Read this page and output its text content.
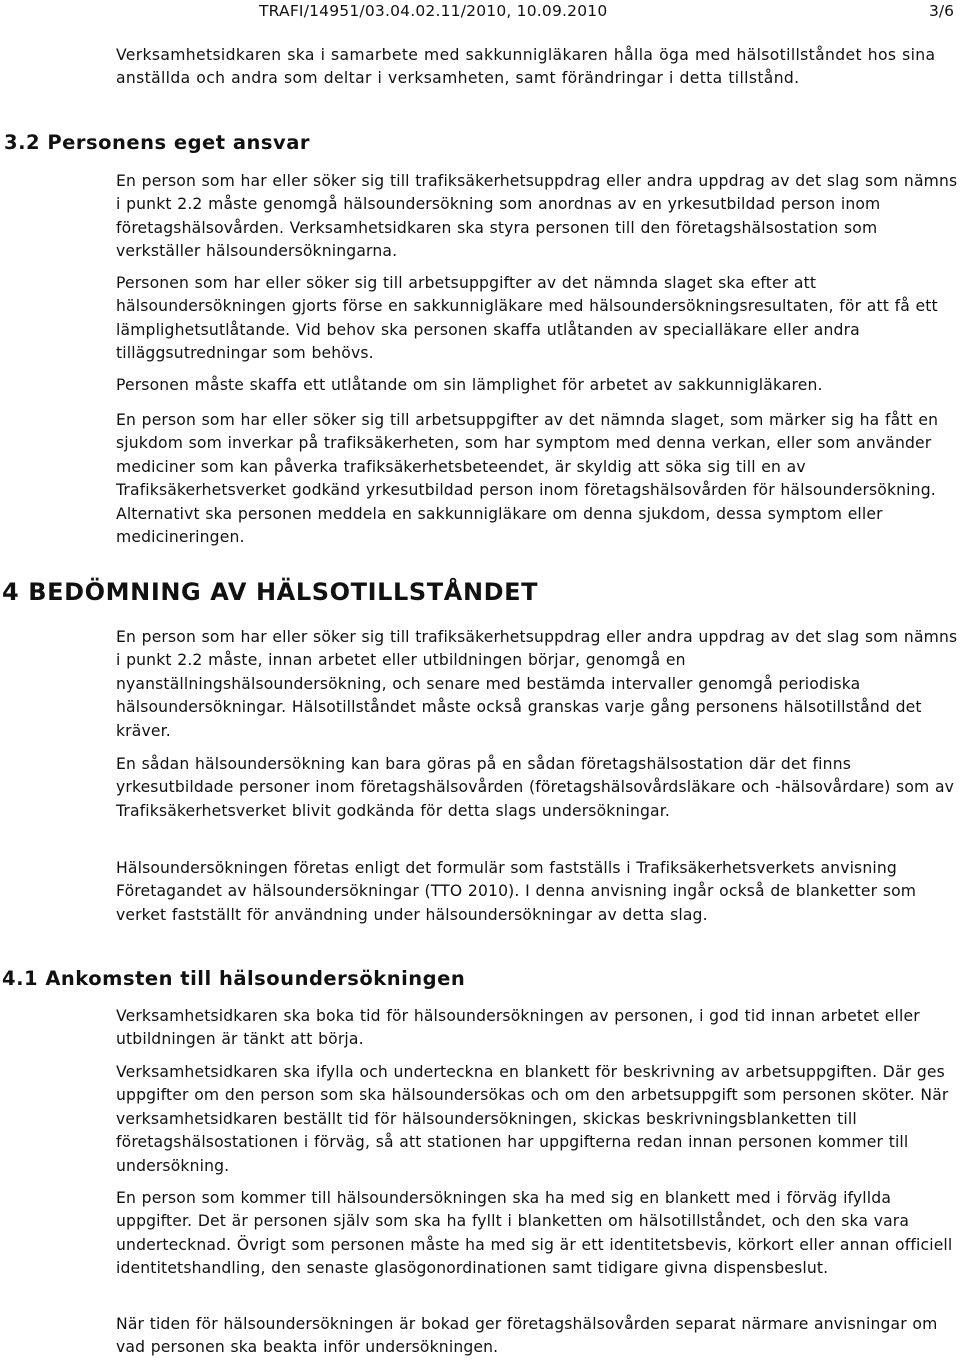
TRAFI/14951/03.04.02.11/2010, 10.09.2010	3/6

Verksamhetsidkaren ska i samarbete med sakkunnigläkaren hålla öga med hälsotillståndet hos sina anställda och andra som deltar i verksamheten, samt förändringar i detta tillstånd.

3.2 Personens eget ansvar

En person som har eller söker sig till trafiksäkerhetsuppdrag eller andra uppdrag av det slag som nämns i punkt 2.2 måste genomgå hälsoundersökning som anordnas av en yrkesutbildad person inom företagshälsovården. Verksamhetsidkaren ska styra personen till den företagshälsostation som verkställer hälsoundersökningarna.

Personen som har eller söker sig till arbetsuppgifter av det nämnda slaget ska efter att hälsoundersökningen gjorts förse en sakkunnigläkare med hälsoundersökningsresultaten, för att få ett lämplighetsutlåtande. Vid behov ska personen skaffa utlåtanden av specialläkare eller andra tilläggsutredningar som behövs.

Personen måste skaffa ett utlåtande om sin lämplighet för arbetet av sakkunnigläkaren.

En person som har eller söker sig till arbetsuppgifter av det nämnda slaget, som märker sig ha fått en sjukdom som inverkar på trafiksäkerheten, som har symptom med denna verkan, eller som använder mediciner som kan påverka trafiksäkerhetsbeteendet, är skyldig att söka sig till en av Trafiksäkerhetsverket godkänd yrkesutbildad person inom företagshälsovården för hälsoundersökning. Alternativt ska personen meddela en sakkunnigläkare om denna sjukdom, dessa symptom eller medicineringen.

4 BEDÖMNING AV HÄLSOTILLSTÅNDET

En person som har eller söker sig till trafiksäkerhetsuppdrag eller andra uppdrag av det slag som nämns i punkt 2.2 måste, innan arbetet eller utbildningen börjar, genomgå en nyanställningshälsoundersökning, och senare med bestämda intervaller genomgå periodiska hälsoundersökningar. Hälsotillståndet måste också granskas varje gång personens hälsotillstånd det kräver.

En sådan hälsoundersökning kan bara göras på en sådan företagshälsostation där det finns yrkesutbildade personer inom företagshälsovården (företagshälsovårdsläkare och -hälsovårdare) som av Trafiksäkerhetsverket blivit godkända för detta slags undersökningar.

Hälsoundersökningen företas enligt det formulär som fastställs i Trafiksäkerhetsverkets anvisning Företagandet av hälsoundersökningar (TTO 2010). I denna anvisning ingår också de blanketter som verket fastställt för användning under hälsoundersökningar av detta slag.

4.1 Ankomsten till hälsoundersökningen

Verksamhetsidkaren ska boka tid för hälsoundersökningen av personen, i god tid innan arbetet eller utbildningen är tänkt att börja.

Verksamhetsidkaren ska ifylla och underteckna en blankett för beskrivning av arbetsuppgiften. Där ges uppgifter om den person som ska hälsoundersökas och om den arbetsuppgift som personen sköter. När verksamhetsidkaren beställt tid för hälsoundersökningen, skickas beskrivningsblanketten till företagshälsostationen i förväg, så att stationen har uppgifterna redan innan personen kommer till undersökning.

En person som kommer till hälsoundersökningen ska ha med sig en blankett med i förväg ifyllda uppgifter. Det är personen själv som ska ha fyllt i blanketten om hälsotillståndet, och den ska vara undertecknad. Övrigt som personen måste ha med sig är ett identitetsbevis, körkort eller annan officiell identitetshandling, den senaste glasögonordinationen samt tidigare givna dispensbeslut.

När tiden för hälsoundersökningen är bokad ger företagshälsovården separat närmare anvisningar om vad personen ska beakta inför undersökningen.
